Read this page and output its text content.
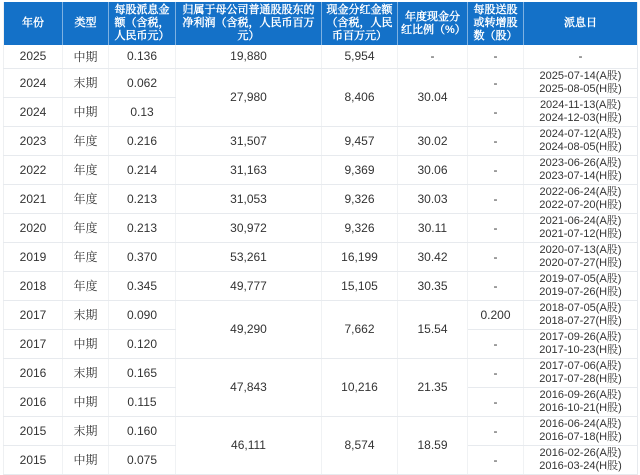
年份	类型	每股派息金额（含税，人民币元）	归属于母公司普通股股东的净利润（含税，人民币百万元）	现金分红金额（含税，人民币百万元）	年度现金分红比例（%）	每股送股或转增股数（股）	派息日
2025	中期	0.136	19,880	5,954	-	-	-
2024	末期	0.062	27,980	8,406	30.04	-	2025-07-14(A股)
2025-08-05(H股)
2024	中期	0.13				-	2024-11-13(A股)
2024-12-03(H股)
2023	年度	0.216	31,507	9,457	30.02	-	2024-07-12(A股)
2024-08-05(H股)
2022	年度	0.214	31,163	9,369	30.06	-	2023-06-26(A股)
2023-07-14(H股)
2021	年度	0.213	31,053	9,326	30.03	-	2022-06-24(A股)
2022-07-20(H股)
2020	年度	0.213	30,972	9,326	30.11	-	2021-06-24(A股)
2021-07-12(H股)
2019	年度	0.370	53,261	16,199	30.42	-	2020-07-13(A股)
2020-07-27(H股)
2018	年度	0.345	49,777	15,105	30.35	-	2019-07-05(A股)
2019-07-26(H股)
2017	末期	0.090	49,290	7,662	15.54	0.200	2018-07-05(A股)
2018-07-27(H股)
2017	中期	0.120				-	2017-09-26(A股)
2017-10-23(H股)
2016	末期	0.165	47,843	10,216	21.35	-	2017-07-06(A股)
2017-07-28(H股)
2016	中期	0.115				-	2016-09-26(A股)
2016-10-21(H股)
2015	末期	0.160	46,111	8,574	18.59	-	2016-06-24(A股)
2016-07-18(H股)
2015	中期	0.075				-	2016-02-26(A股)
2016-03-24(H股)
